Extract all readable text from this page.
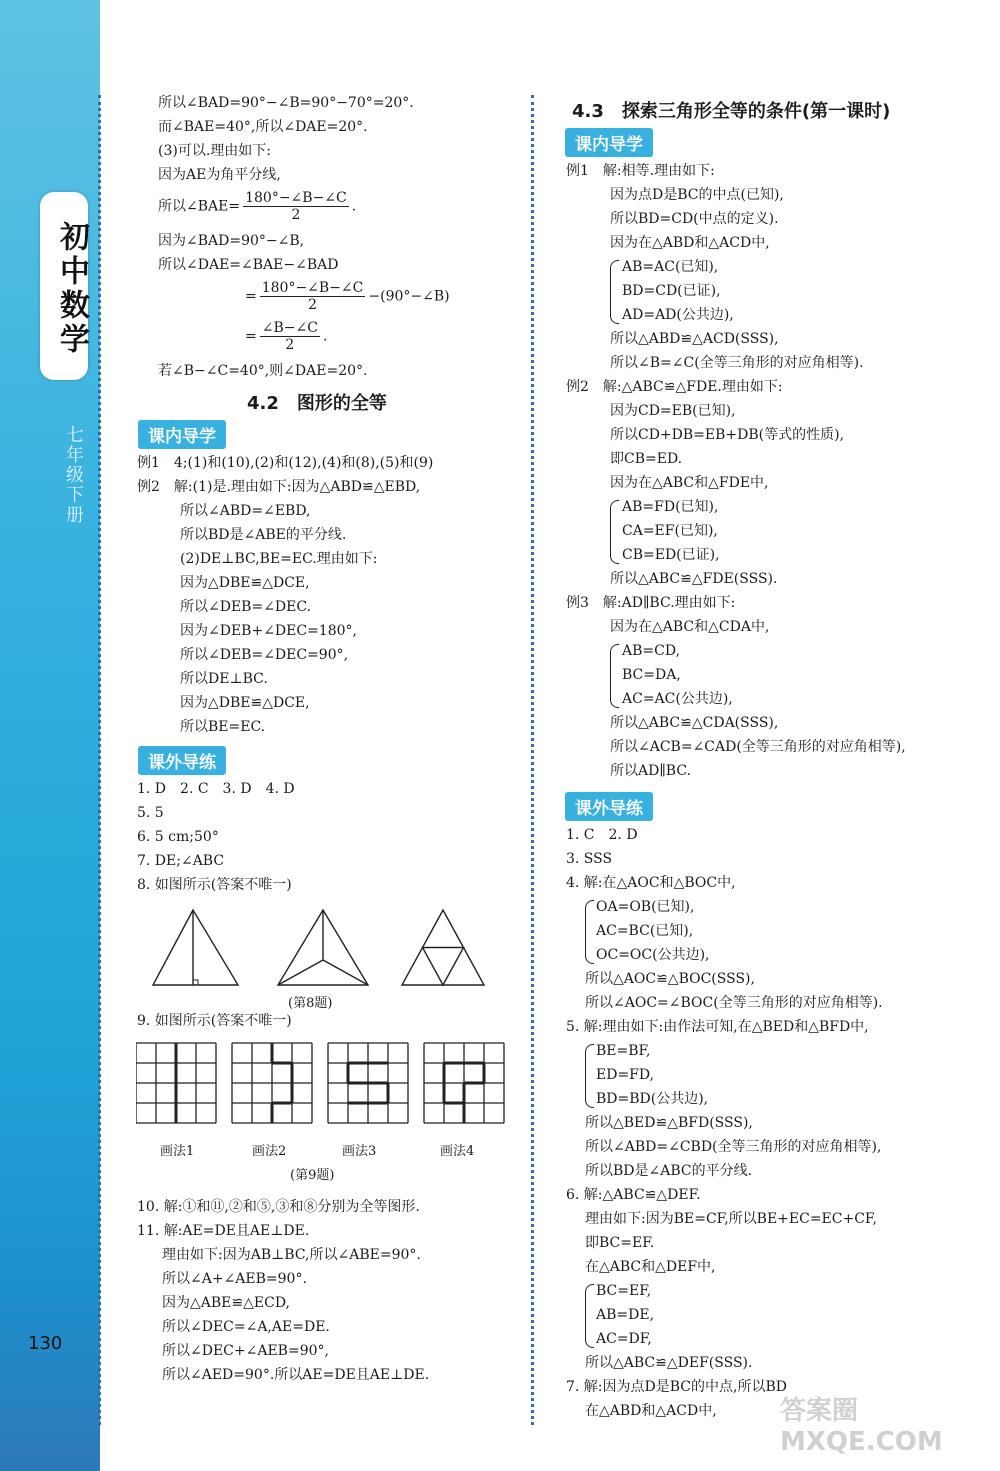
初中数学
七年级下册
130
所以∠BAD=90°−∠B=90°−70°=20°.
而∠BAE=40°,所以∠DAE=20°.
(3)可以.理由如下:
因为AE为角平分线,
所以∠BAE= $\frac{180^\circ-\angle B-\angle C}{2}$ .
因为∠BAD=90°−∠B,
所以∠DAE=∠BAE−∠BAD
= $\frac{180^\circ-\angle B-\angle C}{2}$ −(90°−∠B)
= $\frac{\angle B-\angle C}{2}$ .
若∠B−∠C=40°,则∠DAE=20°.
4.2　图形的全等
课内导学
例1　4;(1)和(10),(2)和(12),(4)和(8),(5)和(9)
例2　解:(1)是.理由如下:因为△ABD≌△EBD,
所以∠ABD=∠EBD,
所以BD是∠ABE的平分线.
(2)DE⊥BC,BE=EC.理由如下:
因为△DBE≌△DCE,
所以∠DEB=∠DEC.
因为∠DEB+∠DEC=180°,
所以∠DEB=∠DEC=90°,
所以DE⊥BC.
因为△DBE≌△DCE,
所以BE=EC.
课外导练
1. D　2. C　3. D　4. D
5. 5
6. 5 cm;50°
7. DE;∠ABC
8. 如图所示(答案不唯一)
(第8题)
9. 如图所示(答案不唯一)
画法1	画法2	画法3	画法4
(第9题)
10. 解:①和⑪,②和⑤,③和⑧分别为全等图形.
11. 解:AE=DE且AE⊥DE.
理由如下:因为AB⊥BC,所以∠ABE=90°.
所以∠A+∠AEB=90°.
因为△ABE≌△ECD,
所以∠DEC=∠A,AE=DE.
所以∠DEC+∠AEB=90°,
所以∠AED=90°.所以AE=DE且AE⊥DE.
4.3　探索三角形全等的条件(第一课时)
课内导学
例1　解:相等.理由如下:
因为点D是BC的中点(已知),
所以BD=CD(中点的定义).
因为在△ABD和△ACD中,
AB=AC(已知),
BD=CD(已证),
AD=AD(公共边),
所以△ABD≌△ACD(SSS),
所以∠B=∠C(全等三角形的对应角相等).
例2　解:△ABC≌△FDE.理由如下:
因为CD=EB(已知),
所以CD+DB=EB+DB(等式的性质),
即CB=ED.
因为在△ABC和△FDE中,
AB=FD(已知),
CA=EF(已知),
CB=ED(已证),
所以△ABC≌△FDE(SSS).
例3　解:AD∥BC.理由如下:
因为在△ABC和△CDA中,
AB=CD,
BC=DA,
AC=AC(公共边),
所以△ABC≌△CDA(SSS),
所以∠ACB=∠CAD(全等三角形的对应角相等),
所以AD∥BC.
课外导练
1. C　2. D
3. SSS
4. 解:在△AOC和△BOC中,
OA=OB(已知),
AC=BC(已知),
OC=OC(公共边),
所以△AOC≌△BOC(SSS),
所以∠AOC=∠BOC(全等三角形的对应角相等).
5. 解:理由如下:由作法可知,在△BED和△BFD中,
BE=BF,
ED=FD,
BD=BD(公共边),
所以△BED≌△BFD(SSS),
所以∠ABD=∠CBD(全等三角形的对应角相等),
所以BD是∠ABC的平分线.
6. 解:△ABC≌△DEF.
理由如下:因为BE=CF,所以BE+EC=EC+CF,
即BC=EF.
在△ABC和△DEF中,
BC=EF,
AB=DE,
AC=DF,
所以△ABC≌△DEF(SSS).
7. 解:因为点D是BC的中点,所以BD
在△ABD和△ACD中, 答案圈 MXQE.COM
